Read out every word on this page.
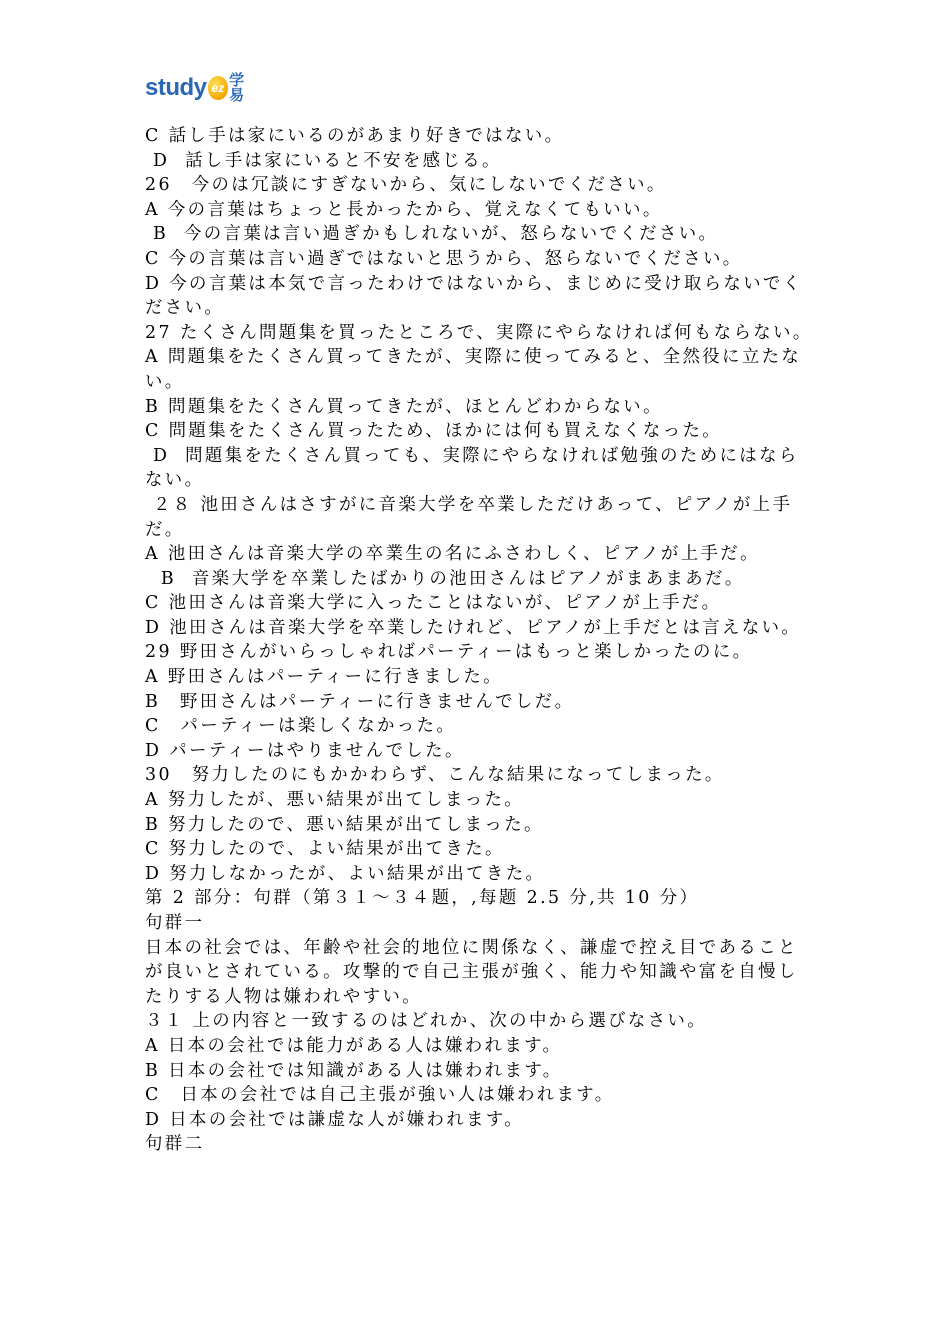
study ez 学易

C 話し手は家にいるのがあまり好きではない。

D  話し手は家にいると不安を感じる。

26　今のは冗談にすぎないから、気にしないでください。

A 今の言葉はちょっと長かったから、覚えなくてもいい。

B  今の言葉は言い過ぎかもしれないが、怒らないでください。

C 今の言葉は言い過ぎではないと思うから、怒らないでください。

D 今の言葉は本気で言ったわけではないから、まじめに受け取らないでください。

27 たくさん問題集を買ったところで、実際にやらなければ何もならない。

A 問題集をたくさん買ってきたが、実際に使ってみると、全然役に立たない。

B 問題集をたくさん買ってきたが、ほとんどわからない。

C 問題集をたくさん買ったため、ほかには何も買えなくなった。

D  問題集をたくさん買っても、実際にやらなければ勉強のためにはならない。

２８ 池田さんはさすがに音楽大学を卒業しただけあって、ピアノが上手だ。

A 池田さんは音楽大学の卒業生の名にふさわしく、ピアノが上手だ。

B  音楽大学を卒業したばかりの池田さんはピアノがまあまあだ。

C 池田さんは音楽大学に入ったことはないが、ピアノが上手だ。

D 池田さんは音楽大学を卒業したけれど、ピアノが上手だとは言えない。

29 野田さんがいらっしゃればパーティーはもっと楽しかったのに。

A 野田さんはパーティーに行きました。

B　野田さんはパーティーに行きませんでしだ。

C　パーティーは楽しくなかった。

D パーティーはやりませんでした。

30　努力したのにもかかわらず、こんな結果になってしまった。

A 努力したが、悪い結果が出てしまった。

B 努力したので、悪い結果が出てしまった。

C 努力したので、よい結果が出てきた。

D 努力しなかったが、よい結果が出てきた。

第 2 部分：句群（第３１～３４题，,每题 2.5 分,共 10 分）

句群一

日本の社会では、年齢や社会的地位に関係なく、謙虚で控え目であることが良いとされている。攻撃的で自己主張が強く、能力や知識や富を自慢したりする人物は嫌われやすい。

３１ 上の内容と一致するのはどれか、次の中から選びなさい。

A 日本の会社では能力がある人は嫌われます。

B 日本の会社では知識がある人は嫌われます。

C　日本の会社では自己主張が強い人は嫌われます。

D 日本の会社では謙虚な人が嫌われます。

句群二
